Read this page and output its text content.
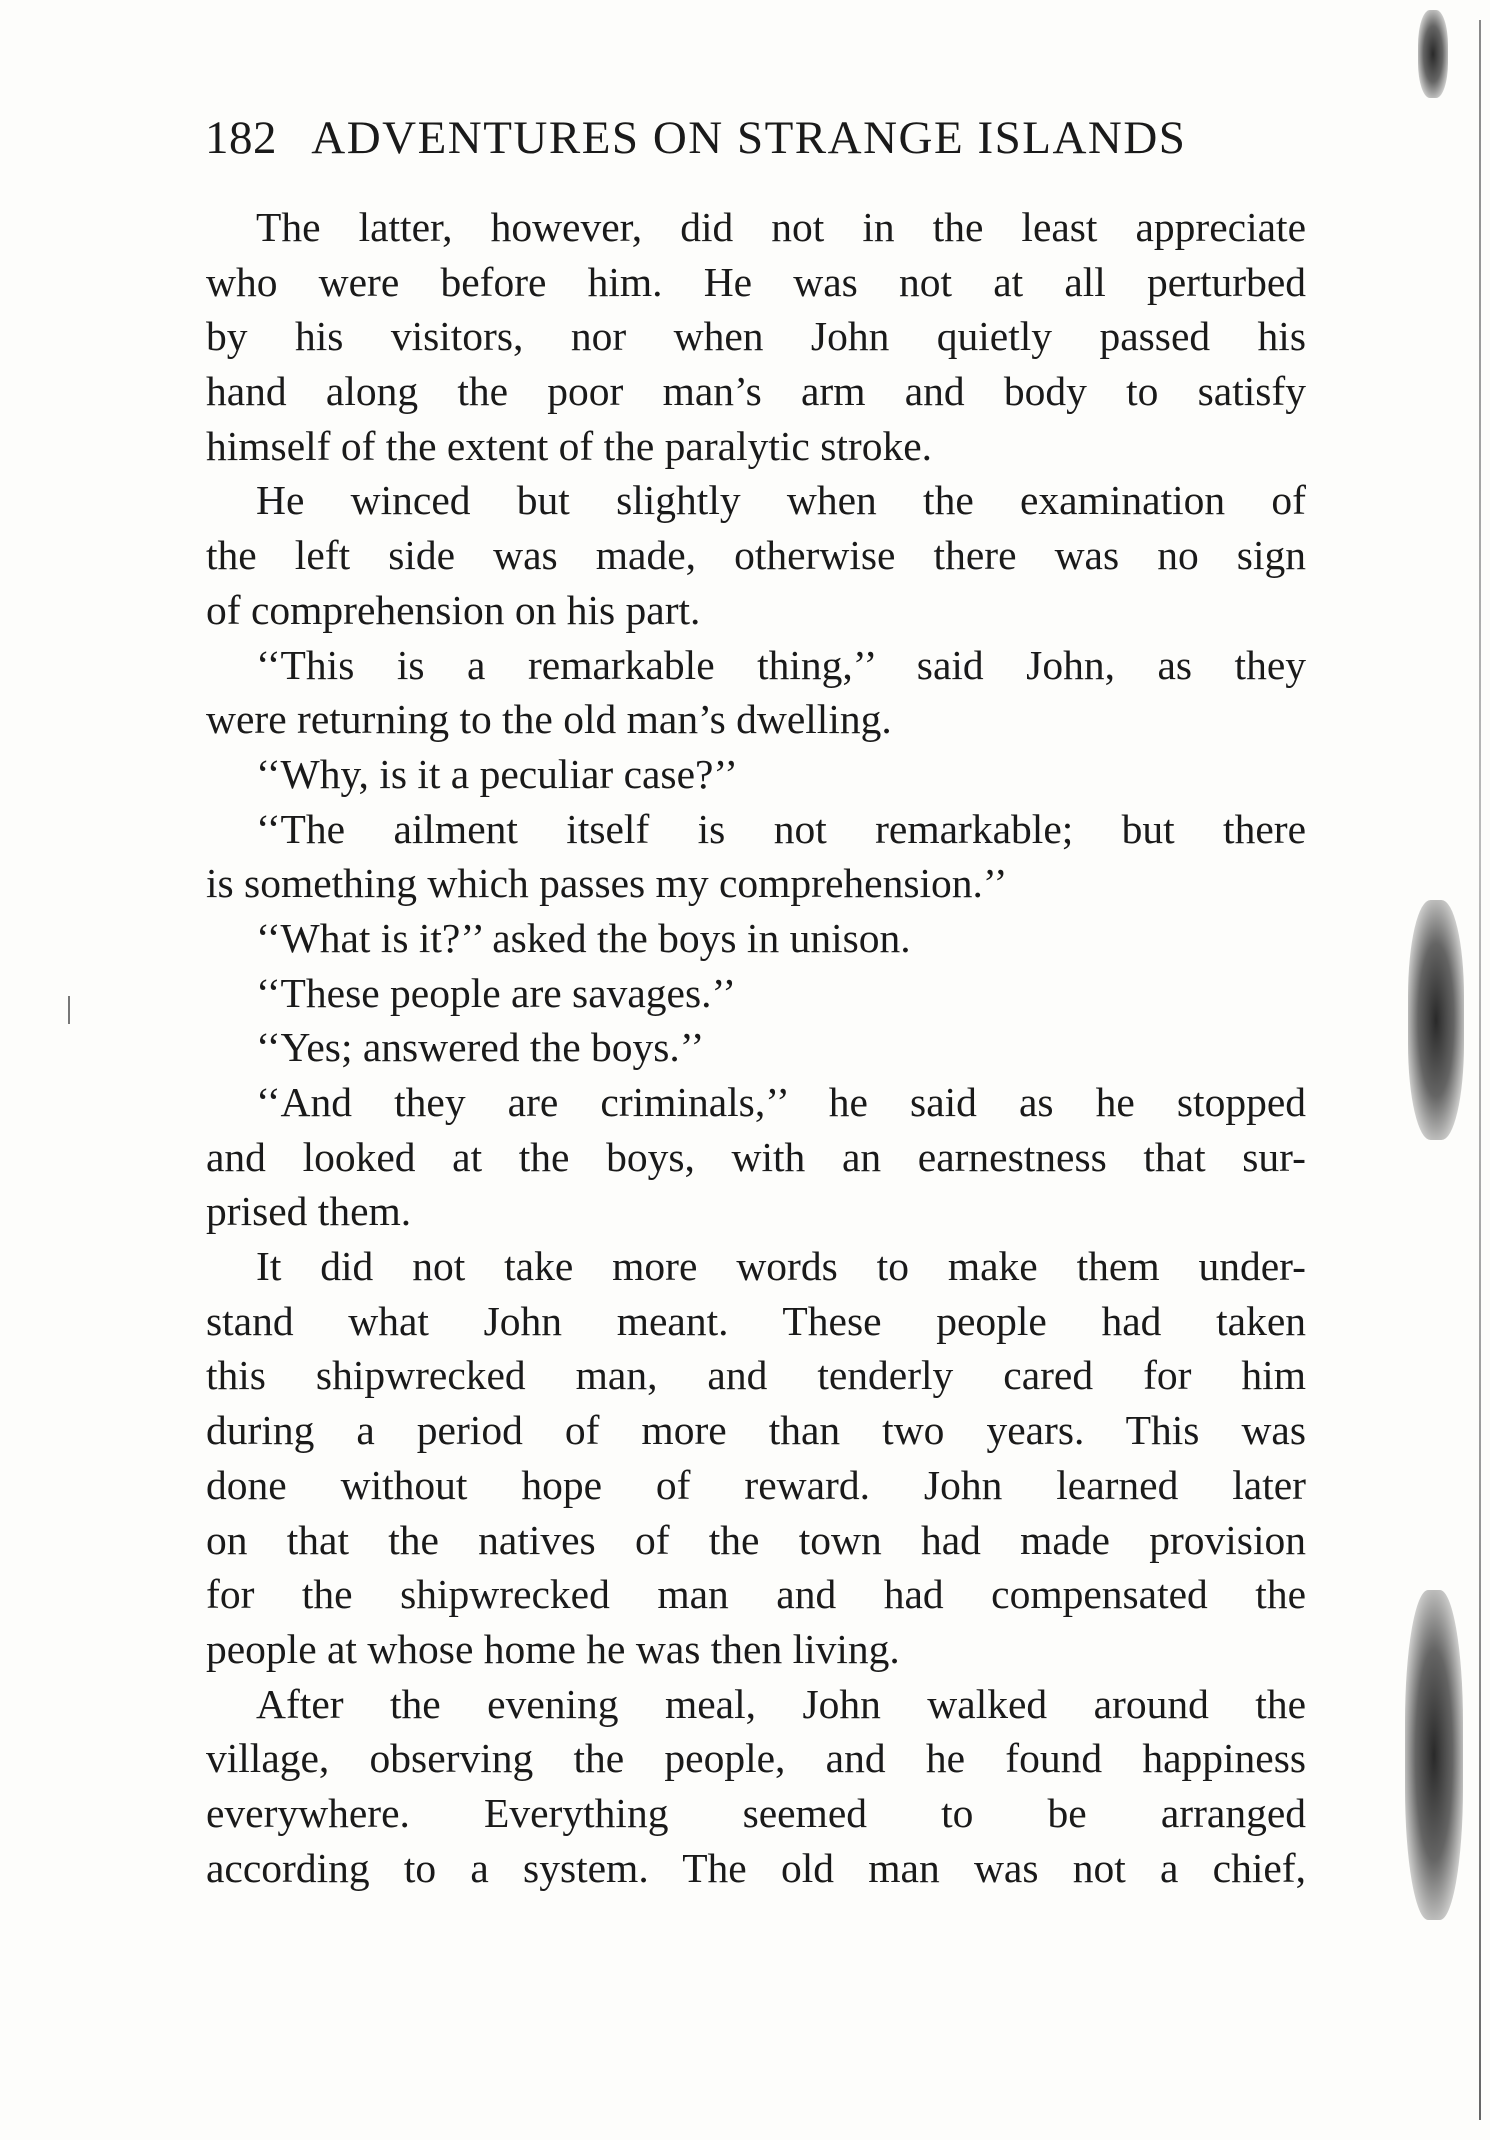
182 ADVENTURES ON STRANGE ISLANDS
The latter, however, did not in the least appreciate
who were before him. He was not at all perturbed
by his visitors, nor when John quietly passed his
hand along the poor man’s arm and body to satisfy
himself of the extent of the paralytic stroke.
He winced but slightly when the examination of
the left side was made, otherwise there was no sign
of comprehension on his part.
‘‘This is a remarkable thing,’’ said John, as they
were returning to the old man’s dwelling.
‘‘Why, is it a peculiar case?’’
‘‘The ailment itself is not remarkable; but there
is something which passes my comprehension.’’
‘‘What is it?’’ asked the boys in unison.
‘‘These people are savages.’’
‘‘Yes; answered the boys.’’
‘‘And they are criminals,’’ he said as he stopped
and looked at the boys, with an earnestness that sur-
prised them.
It did not take more words to make them under-
stand what John meant. These people had taken
this shipwrecked man, and tenderly cared for him
during a period of more than two years. This was
done without hope of reward. John learned later
on that the natives of the town had made provision
for the shipwrecked man and had compensated the
people at whose home he was then living.
After the evening meal, John walked around the
village, observing the people, and he found happiness
everywhere. Everything seemed to be arranged
according to a system. The old man was not a chief,
